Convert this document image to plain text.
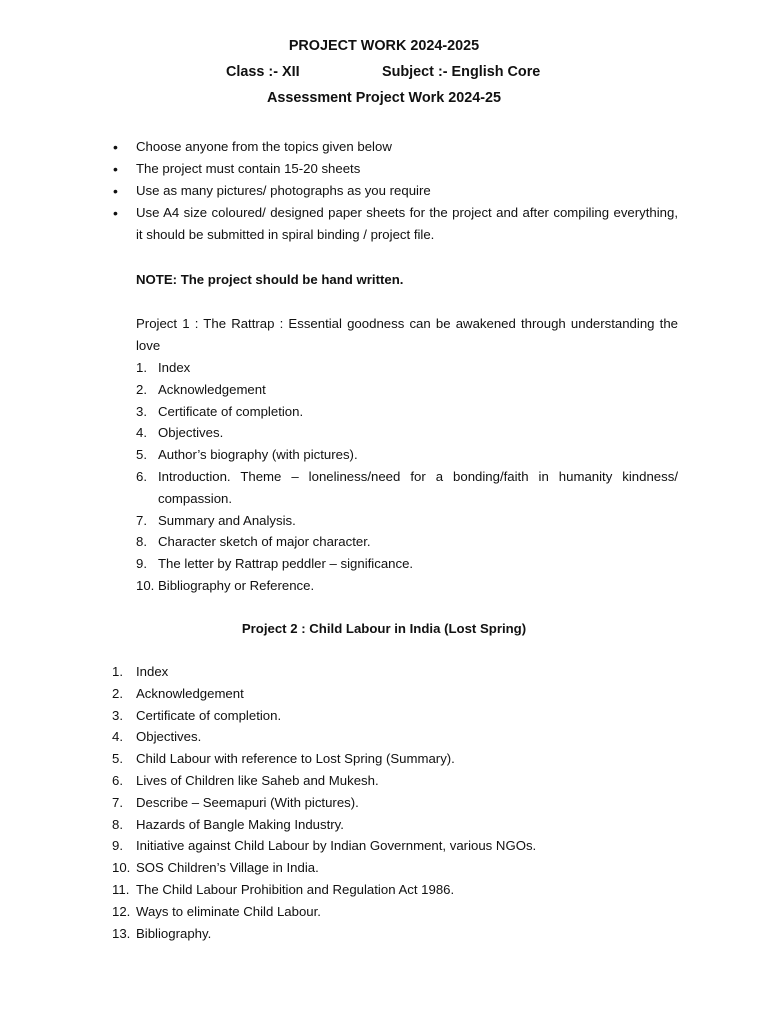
PROJECT WORK 2024-2025
Class :- XII	Subject :- English Core
Assessment Project Work 2024-25
• Choose anyone from the topics given below
• The project must contain 15-20 sheets
• Use as many pictures/ photographs as you require
• Use A4 size coloured/ designed paper sheets for the project and after compiling everything, it should be submitted in spiral binding / project file.
NOTE: The project should be hand written.
Project 1 : The Rattrap : Essential goodness can be awakened through understanding the love
1. Index
2. Acknowledgement
3. Certificate of completion.
4. Objectives.
5. Author’s biography (with pictures).
6. Introduction. Theme – loneliness/need for a bonding/faith in humanity kindness/ compassion.
7. Summary and Analysis.
8. Character sketch of major character.
9. The letter by Rattrap peddler – significance.
10. Bibliography or Reference.
Project 2 : Child Labour in India (Lost Spring)
1. Index
2. Acknowledgement
3. Certificate of completion.
4. Objectives.
5. Child Labour with reference to Lost Spring (Summary).
6. Lives of Children like Saheb and Mukesh.
7. Describe – Seemapuri (With pictures).
8. Hazards of Bangle Making Industry.
9. Initiative against Child Labour by Indian Government, various NGOs.
10. SOS Children’s Village in India.
11. The Child Labour Prohibition and Regulation Act 1986.
12. Ways to eliminate Child Labour.
13. Bibliography.
